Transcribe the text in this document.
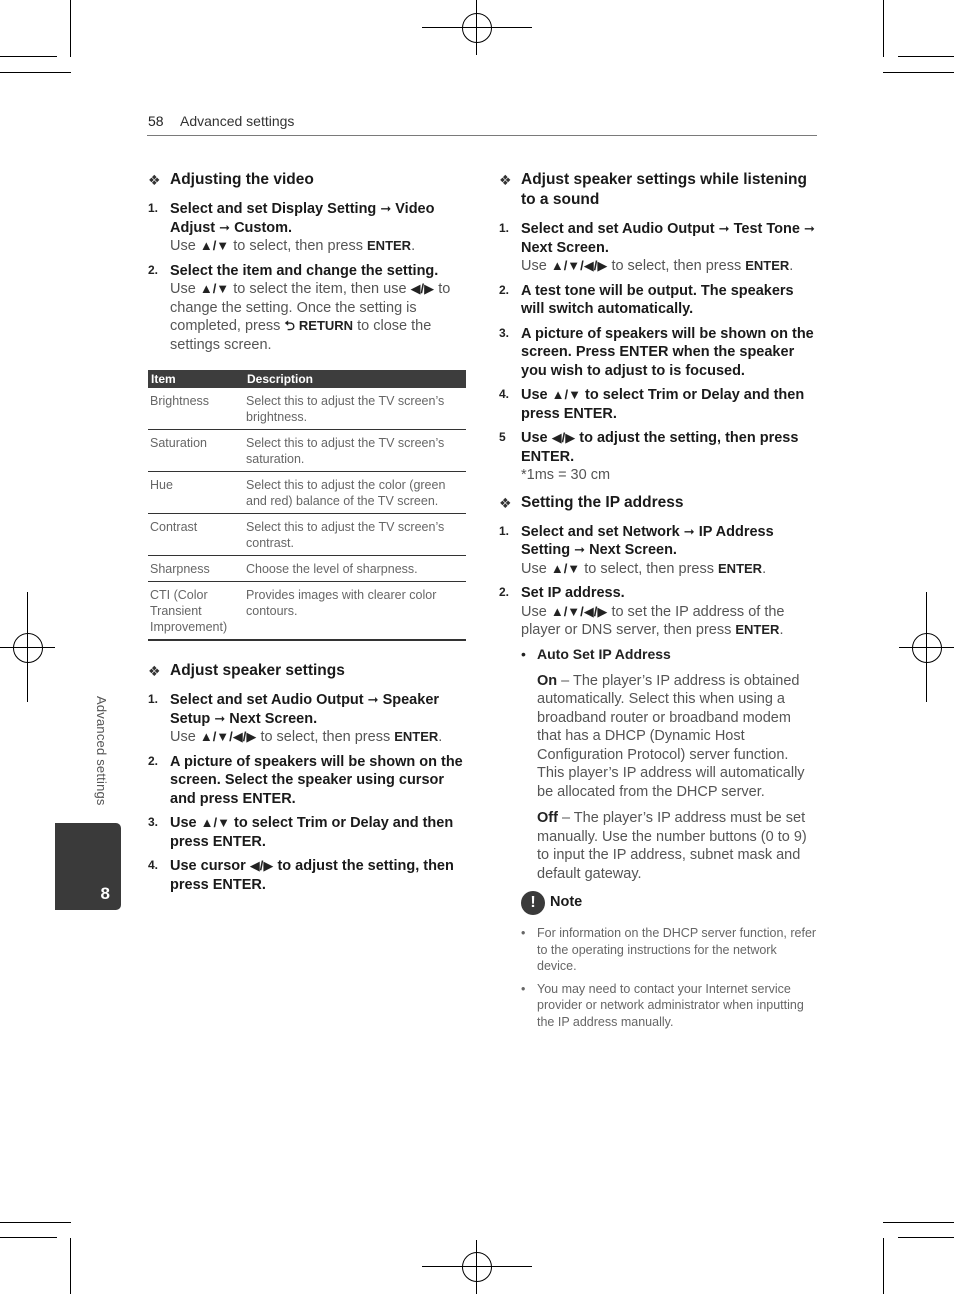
58 Advanced settings
Advanced settings
8
❖ Adjusting the video
1. Select and set Display Setting ➞ Video Adjust ➞ Custom.
Use ▲/▼ to select, then press ENTER.
2. Select the item and change the setting.
Use ▲/▼ to select the item, then use ◀/▶ to change the setting. Once the setting is completed, press ⮌ RETURN to close the settings screen.
Item	Description
Brightness	Select this to adjust the TV screen’s brightness.
Saturation	Select this to adjust the TV screen’s saturation.
Hue	Select this to adjust the color (green and red) balance of the TV screen.
Contrast	Select this to adjust the TV screen’s contrast.
Sharpness	Choose the level of sharpness.
CTI (Color Transient Improvement)	Provides images with clearer color contours.
❖ Adjust speaker settings
1. Select and set Audio Output ➞ Speaker Setup ➞ Next Screen.
Use ▲/▼/◀/▶ to select, then press ENTER.
2. A picture of speakers will be shown on the screen. Select the speaker using cursor and press ENTER.
3. Use ▲/▼ to select Trim or Delay and then press ENTER.
4. Use cursor ◀/▶ to adjust the setting, then press ENTER.
❖ Adjust speaker settings while listening to a sound
1. Select and set Audio Output ➞ Test Tone ➞ Next Screen.
Use ▲/▼/◀/▶ to select, then press ENTER.
2. A test tone will be output. The speakers will switch automatically.
3. A picture of speakers will be shown on the screen. Press ENTER when the speaker you wish to adjust to is focused.
4. Use ▲/▼ to select Trim or Delay and then press ENTER.
5 Use ◀/▶ to adjust the setting, then press ENTER.
*1ms = 30 cm
❖ Setting the IP address
1. Select and set Network ➞ IP Address Setting ➞ Next Screen.
Use ▲/▼ to select, then press ENTER.
2. Set IP address.
Use ▲/▼/◀/▶ to set the IP address of the player or DNS server, then press ENTER.
• Auto Set IP Address
On – The player’s IP address is obtained automatically. Select this when using a broadband router or broadband modem that has a DHCP (Dynamic Host Configuration Protocol) server function. This player’s IP address will automatically be allocated from the DHCP server.
Off – The player’s IP address must be set manually. Use the number buttons (0 to 9) to input the IP address, subnet mask and default gateway.
! Note
• For information on the DHCP server function, refer to the operating instructions for the network device.
• You may need to contact your Internet service provider or network administrator when inputting the IP address manually.
